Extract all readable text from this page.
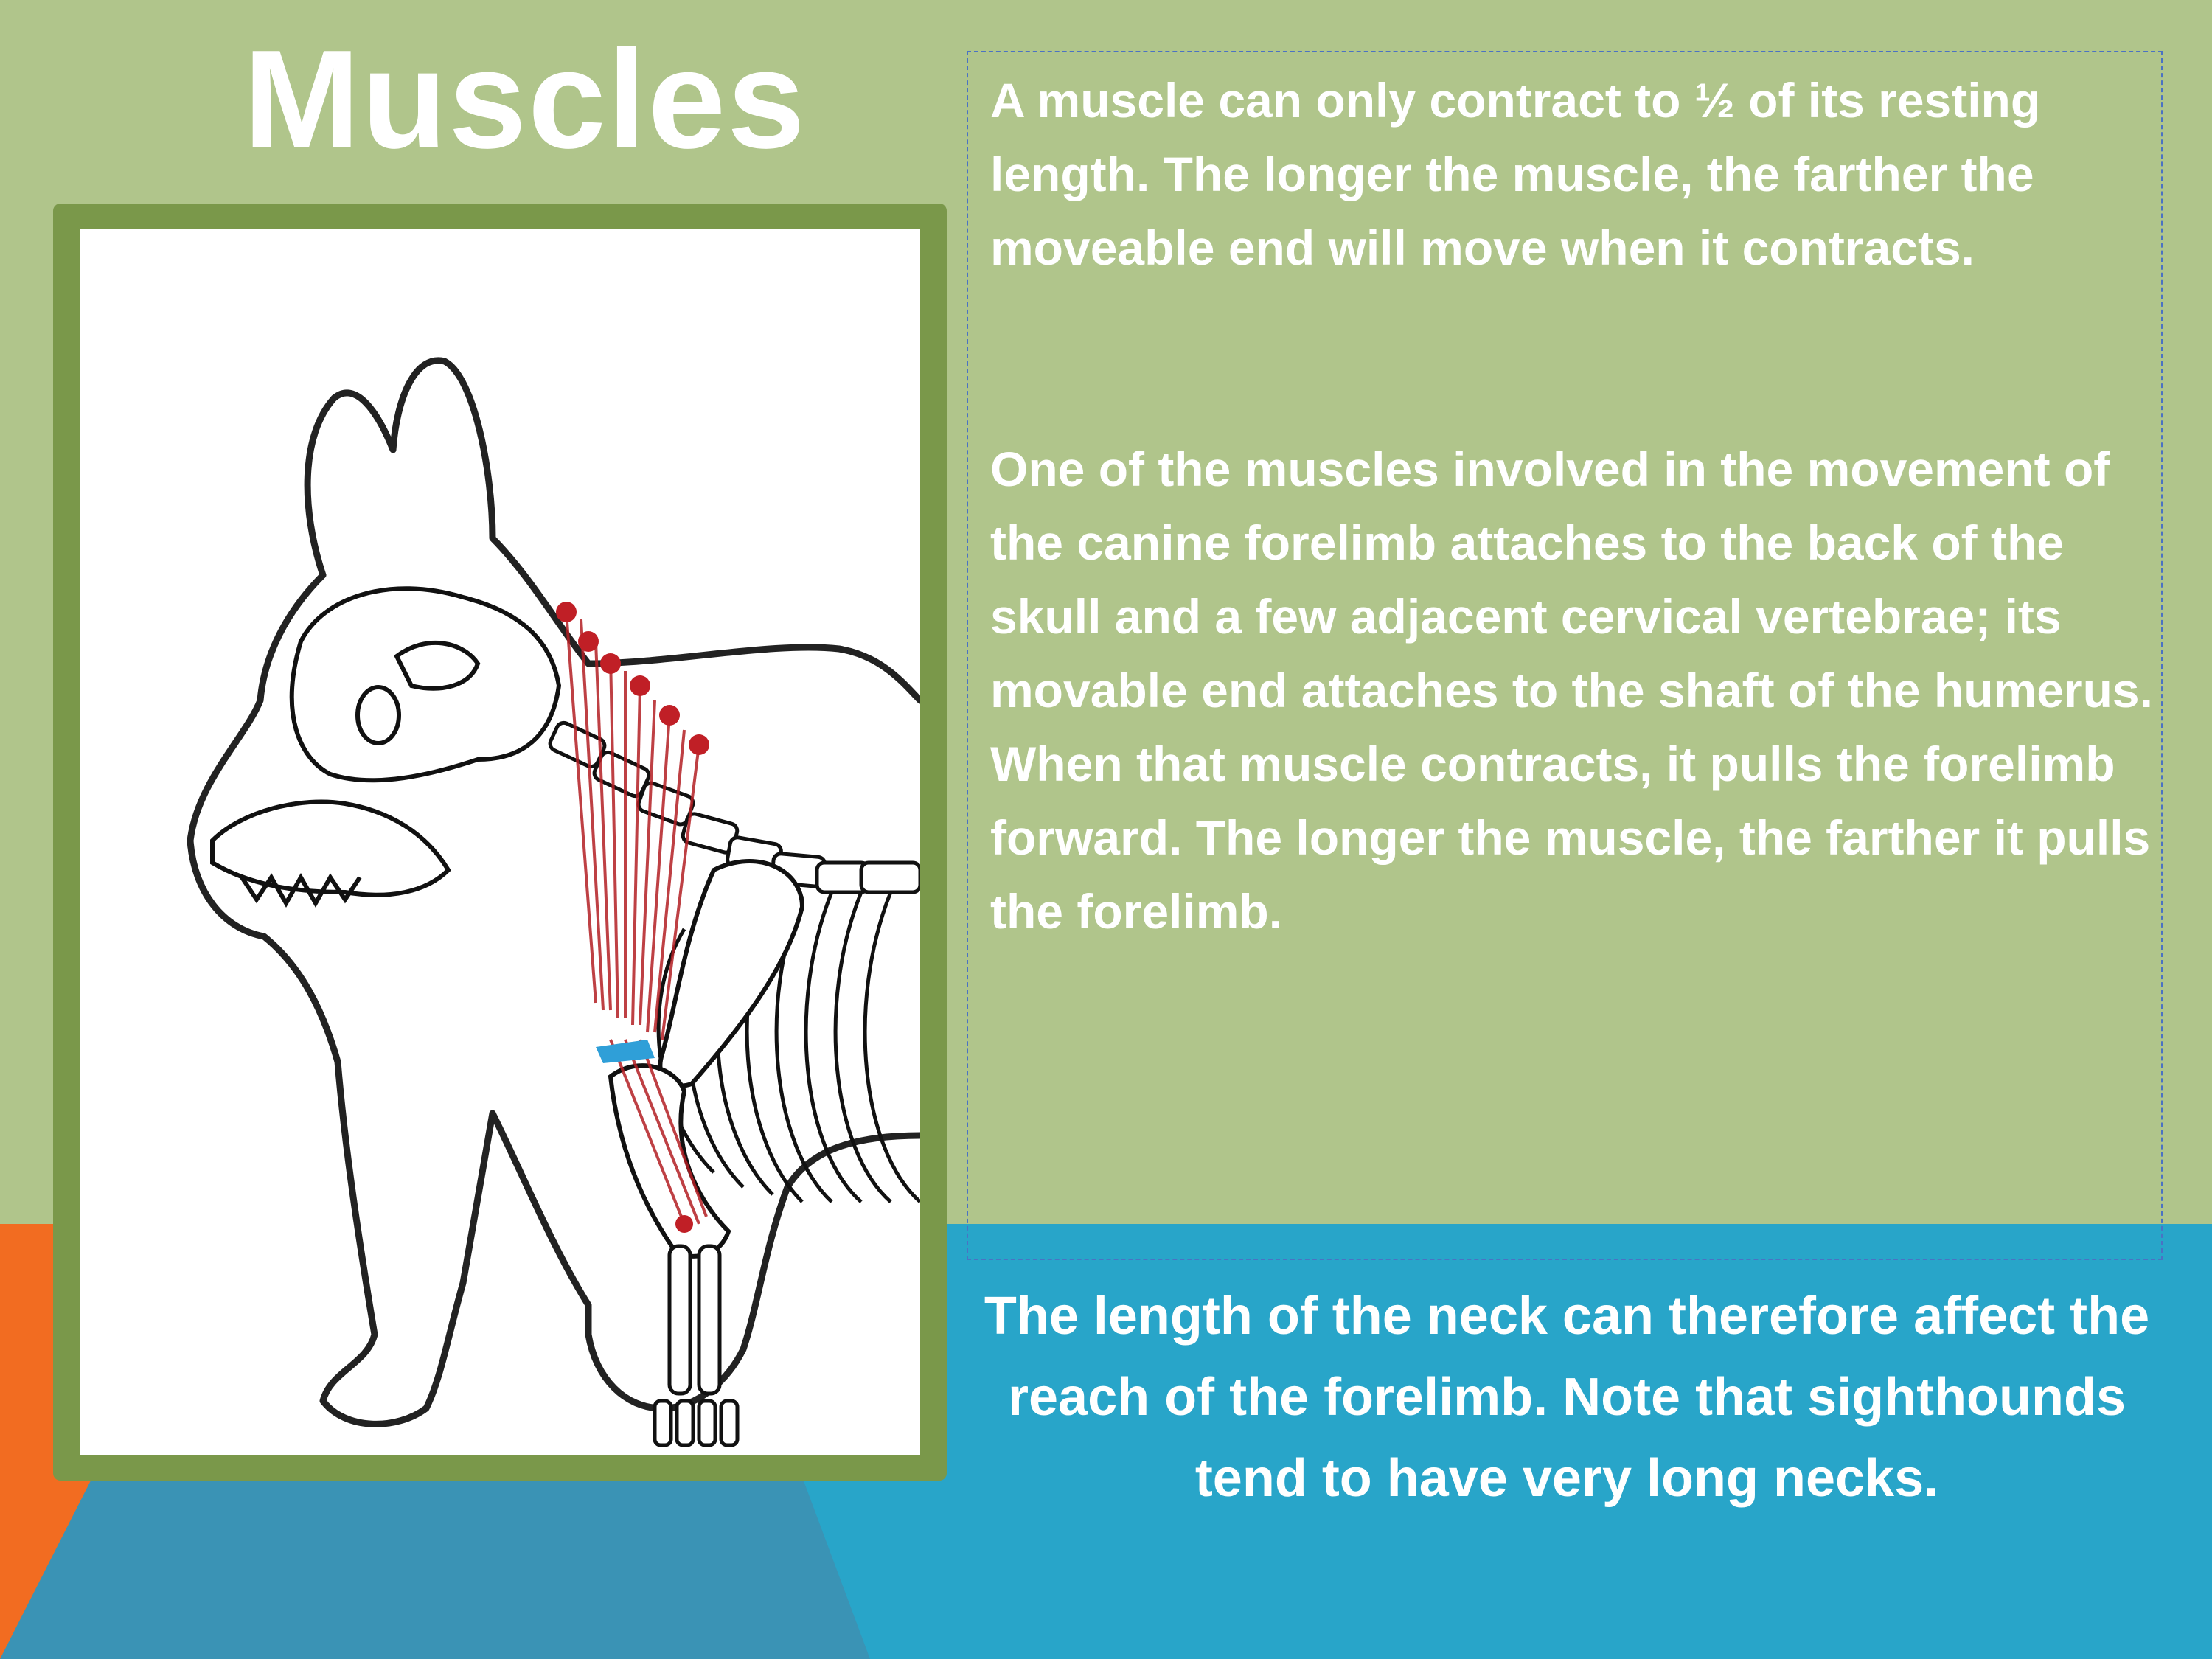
Muscles	A muscle can only contract to ½ of its resting length. The longer the muscle, the farther the moveable end will move when it contracts.

One of the muscles involved in the movement of the canine forelimb attaches to the back of the skull and a few adjacent cervical vertebrae; its movable end attaches to the shaft of the humerus. When that muscle contracts, it pulls the forelimb forward. The longer the muscle, the farther it pulls the forelimb.

The length of the neck can therefore affect the reach of the forelimb. Note that sighthounds tend to have very long necks.
